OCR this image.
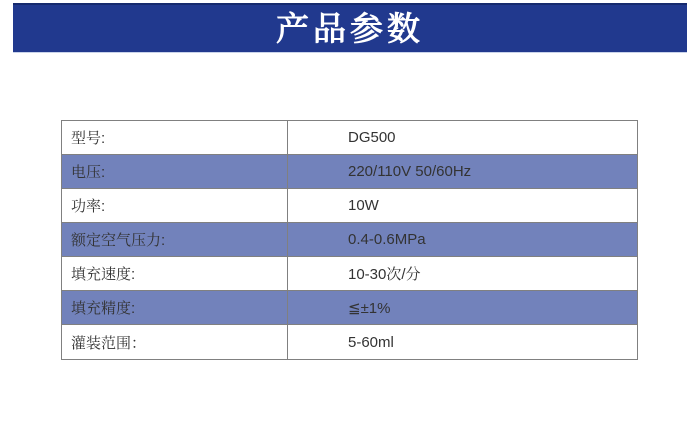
产品参数
型号:	DG500
电压:	220/110V 50/60Hz
功率:	10W
额定空气压力:	0.4-0.6MPa
填充速度:	10-30次/分
填充精度:	≦±1%
灌装范围：	5-60ml
